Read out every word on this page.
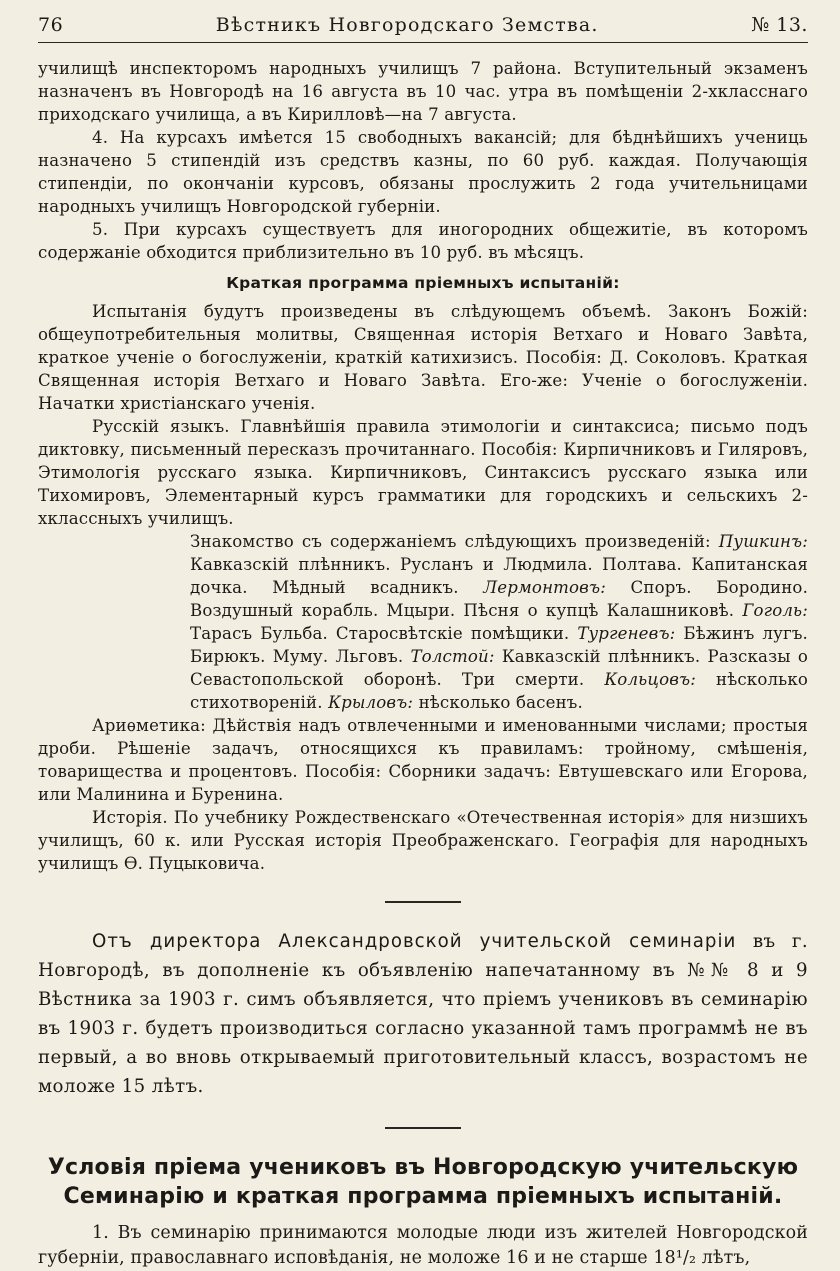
76	Вѣстникъ Новгородскаго Земства.	№ 13.

училищѣ инспекторомъ народныхъ училищъ 7 района. Вступительный экзаменъ назначенъ въ Новгородѣ на 16 августа въ 10 час. утра въ помѣщеніи 2-хкласснаго приходскаго училища, а въ Кирилловѣ—на 7 августа.

4. На курсахъ имѣется 15 свободныхъ вакансій; для бѣднѣйшихъ учениць назначено 5 стипендій изъ средствъ казны, по 60 руб. каждая. Получающія стипендіи, по окончаніи курсовъ, обязаны прослужить 2 года учительницами народныхъ училищъ Новгородской губерніи.

5. При курсахъ существуетъ для иногородних общежитіе, въ которомъ содержаніе обходится приблизительно въ 10 руб. въ мѣсяцъ.

Краткая программа пріемныхъ испытаній:

Испытанія будутъ произведены въ слѣдующемъ объемѣ. Законъ Божій: общеупотребительныя молитвы, Священная исторія Ветхаго и Новаго Завѣта, краткое ученіе о богослуженіи, краткій катихизисъ. Пособія: Д. Соколовъ. Краткая Священная исторія Ветхаго и Новаго Завѣта. Его-же: Ученіе о богослуженіи. Начатки христіанскаго ученія.

Русскій языкъ. Главнѣйшія правила этимологіи и синтаксиса; письмо подъ диктовку, письменный пересказъ прочитаннаго. Пособія: Кирпичниковъ и Гиляровъ, Этимологія русскаго языка. Кирпичниковъ, Синтаксисъ русскаго языка или Тихомировъ, Элементарный курсъ грамматики для городскихъ и сельскихъ 2-хклассныхъ училищъ.

Знакомство съ содержаніемъ слѣдующихъ произведеній: Пушкинъ: Кавказскій плѣнникъ. Русланъ и Людмила. Полтава. Капитанская дочка. Мѣдный всадникъ. Лермонтовъ: Споръ. Бородино. Воздушный корабль. Мцыри. Пѣсня о купцѣ Калашниковѣ. Гоголь: Тарасъ Бульба. Старосвѣтскіе помѣщики. Тургеневъ: Бѣжинъ лугъ. Бирюкъ. Муму. Льговъ. Толстой: Кавказскій плѣнникъ. Разсказы о Севастопольской оборонѣ. Три смерти. Кольцовъ: нѣсколько стихотвореній. Крыловъ: нѣсколько басенъ.

Ариѳметика: Дѣйствія надъ отвлеченными и именованными числами; простыя дроби. Рѣшеніе задачъ, относящихся къ правиламъ: тройному, смѣшенія, товарищества и процентовъ. Пособія: Сборники задачъ: Евтушевскаго или Егорова, или Малинина и Буренина.

Исторія. По учебнику Рождественскаго «Отечественная исторія» для низшихъ училищъ, 60 к. или Русская исторія Преображенскаго. Географія для народныхъ училищъ Ѳ. Пуцыковича.

Отъ директора Александровской учительской семинаріи въ г. Новгородѣ, въ дополненіе къ объявленію напечатанному въ №№ 8 и 9 Вѣстника за 1903 г. симъ объявляется, что пріемъ учениковъ въ семинарію въ 1903 г. будетъ производиться согласно указанной тамъ программѣ не въ первый, а во вновь открываемый приготовительный классъ, возрастомъ не моложе 15 лѣтъ.
Условія пріема учениковъ въ Новгородскую учительскую Семинарію и краткая программа пріемныхъ испытаній.

1. Въ семинарію принимаются молодые люди изъ жителей Новгородской губерніи, православнаго исповѣданія, не моложе 16 и не старше 18¹/₂ лѣтъ,
